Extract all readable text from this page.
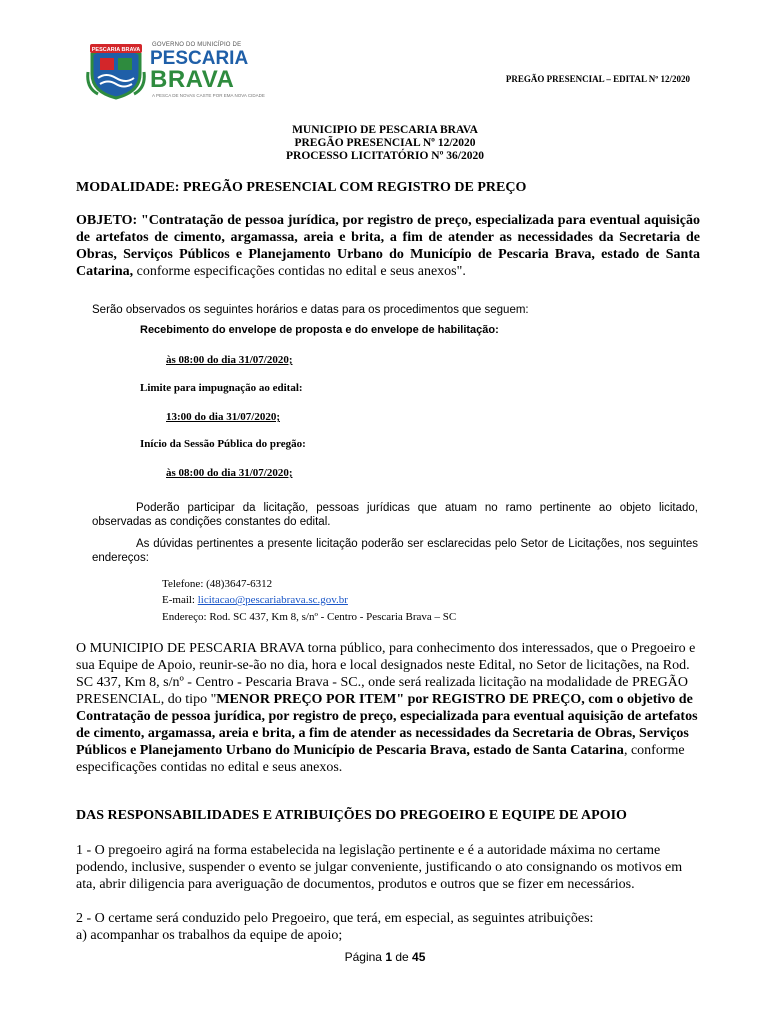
PESCARIA BRAVA
GOVERNO DO MUNICÍPIO DE
PESCARIA
BRAVA
A PESCA DE NOVAS CASTE POR EMA NOVA CIDADE
PREGÃO PRESENCIAL – EDITAL Nº 12/2020
MUNICIPIO DE PESCARIA BRAVA
PREGÃO PRESENCIAL Nº 12/2020
PROCESSO LICITATÓRIO Nº 36/2020
MODALIDADE: PREGÃO PRESENCIAL COM REGISTRO DE PREÇO
OBJETO: "Contratação de pessoa jurídica, por registro de preço, especializada para eventual aquisição de artefatos de cimento, argamassa, areia e brita, a fim de atender as necessidades da Secretaria de Obras, Serviços Públicos e Planejamento Urbano do Município de Pescaria Brava, estado de Santa Catarina, conforme especificações contidas no edital e seus anexos".
Serão observados os seguintes horários e datas para os procedimentos que seguem:
Recebimento do envelope de proposta e do envelope de habilitação:
às 08:00 do dia 31/07/2020;
Limite para impugnação ao edital:
13:00 do dia 31/07/2020;
Início da Sessão Pública do pregão:
às 08:00 do dia 31/07/2020;
Poderão participar da licitação, pessoas jurídicas que atuam no ramo pertinente ao objeto licitado, observadas as condições constantes do edital.
As dúvidas pertinentes a presente licitação poderão ser esclarecidas pelo Setor de Licitações, nos seguintes endereços:
Telefone: (48)3647-6312
E-mail: licitacao@pescariabrava.sc.gov.br
Endereço: Rod. SC 437, Km 8, s/nº - Centro - Pescaria Brava – SC
O MUNICIPIO DE PESCARIA BRAVA torna público, para conhecimento dos interessados, que o Pregoeiro e sua Equipe de Apoio, reunir-se-ão no dia, hora e local designados neste Edital, no Setor de licitações, na Rod. SC 437, Km 8, s/nº - Centro - Pescaria Brava - SC., onde será realizada licitação na modalidade de PREGÃO PRESENCIAL, do tipo "MENOR PREÇO POR ITEM" por REGISTRO DE PREÇO, com o objetivo de Contratação de pessoa jurídica, por registro de preço, especializada para eventual aquisição de artefatos de cimento, argamassa, areia e brita, a fim de atender as necessidades da Secretaria de Obras, Serviços Públicos e Planejamento Urbano do Município de Pescaria Brava, estado de Santa Catarina, conforme especificações contidas no edital e seus anexos.
DAS RESPONSABILIDADES E ATRIBUIÇÕES DO PREGOEIRO E EQUIPE DE APOIO
1 - O pregoeiro agirá na forma estabelecida na legislação pertinente e é a autoridade máxima no certame podendo, inclusive, suspender o evento se julgar conveniente, justificando o ato consignando os motivos em ata, abrir diligencia para averiguação de documentos, produtos e outros que se fizer em necessários.
2 - O certame será conduzido pelo Pregoeiro, que terá, em especial, as seguintes atribuições:
a) acompanhar os trabalhos da equipe de apoio;
Página 1 de 45
